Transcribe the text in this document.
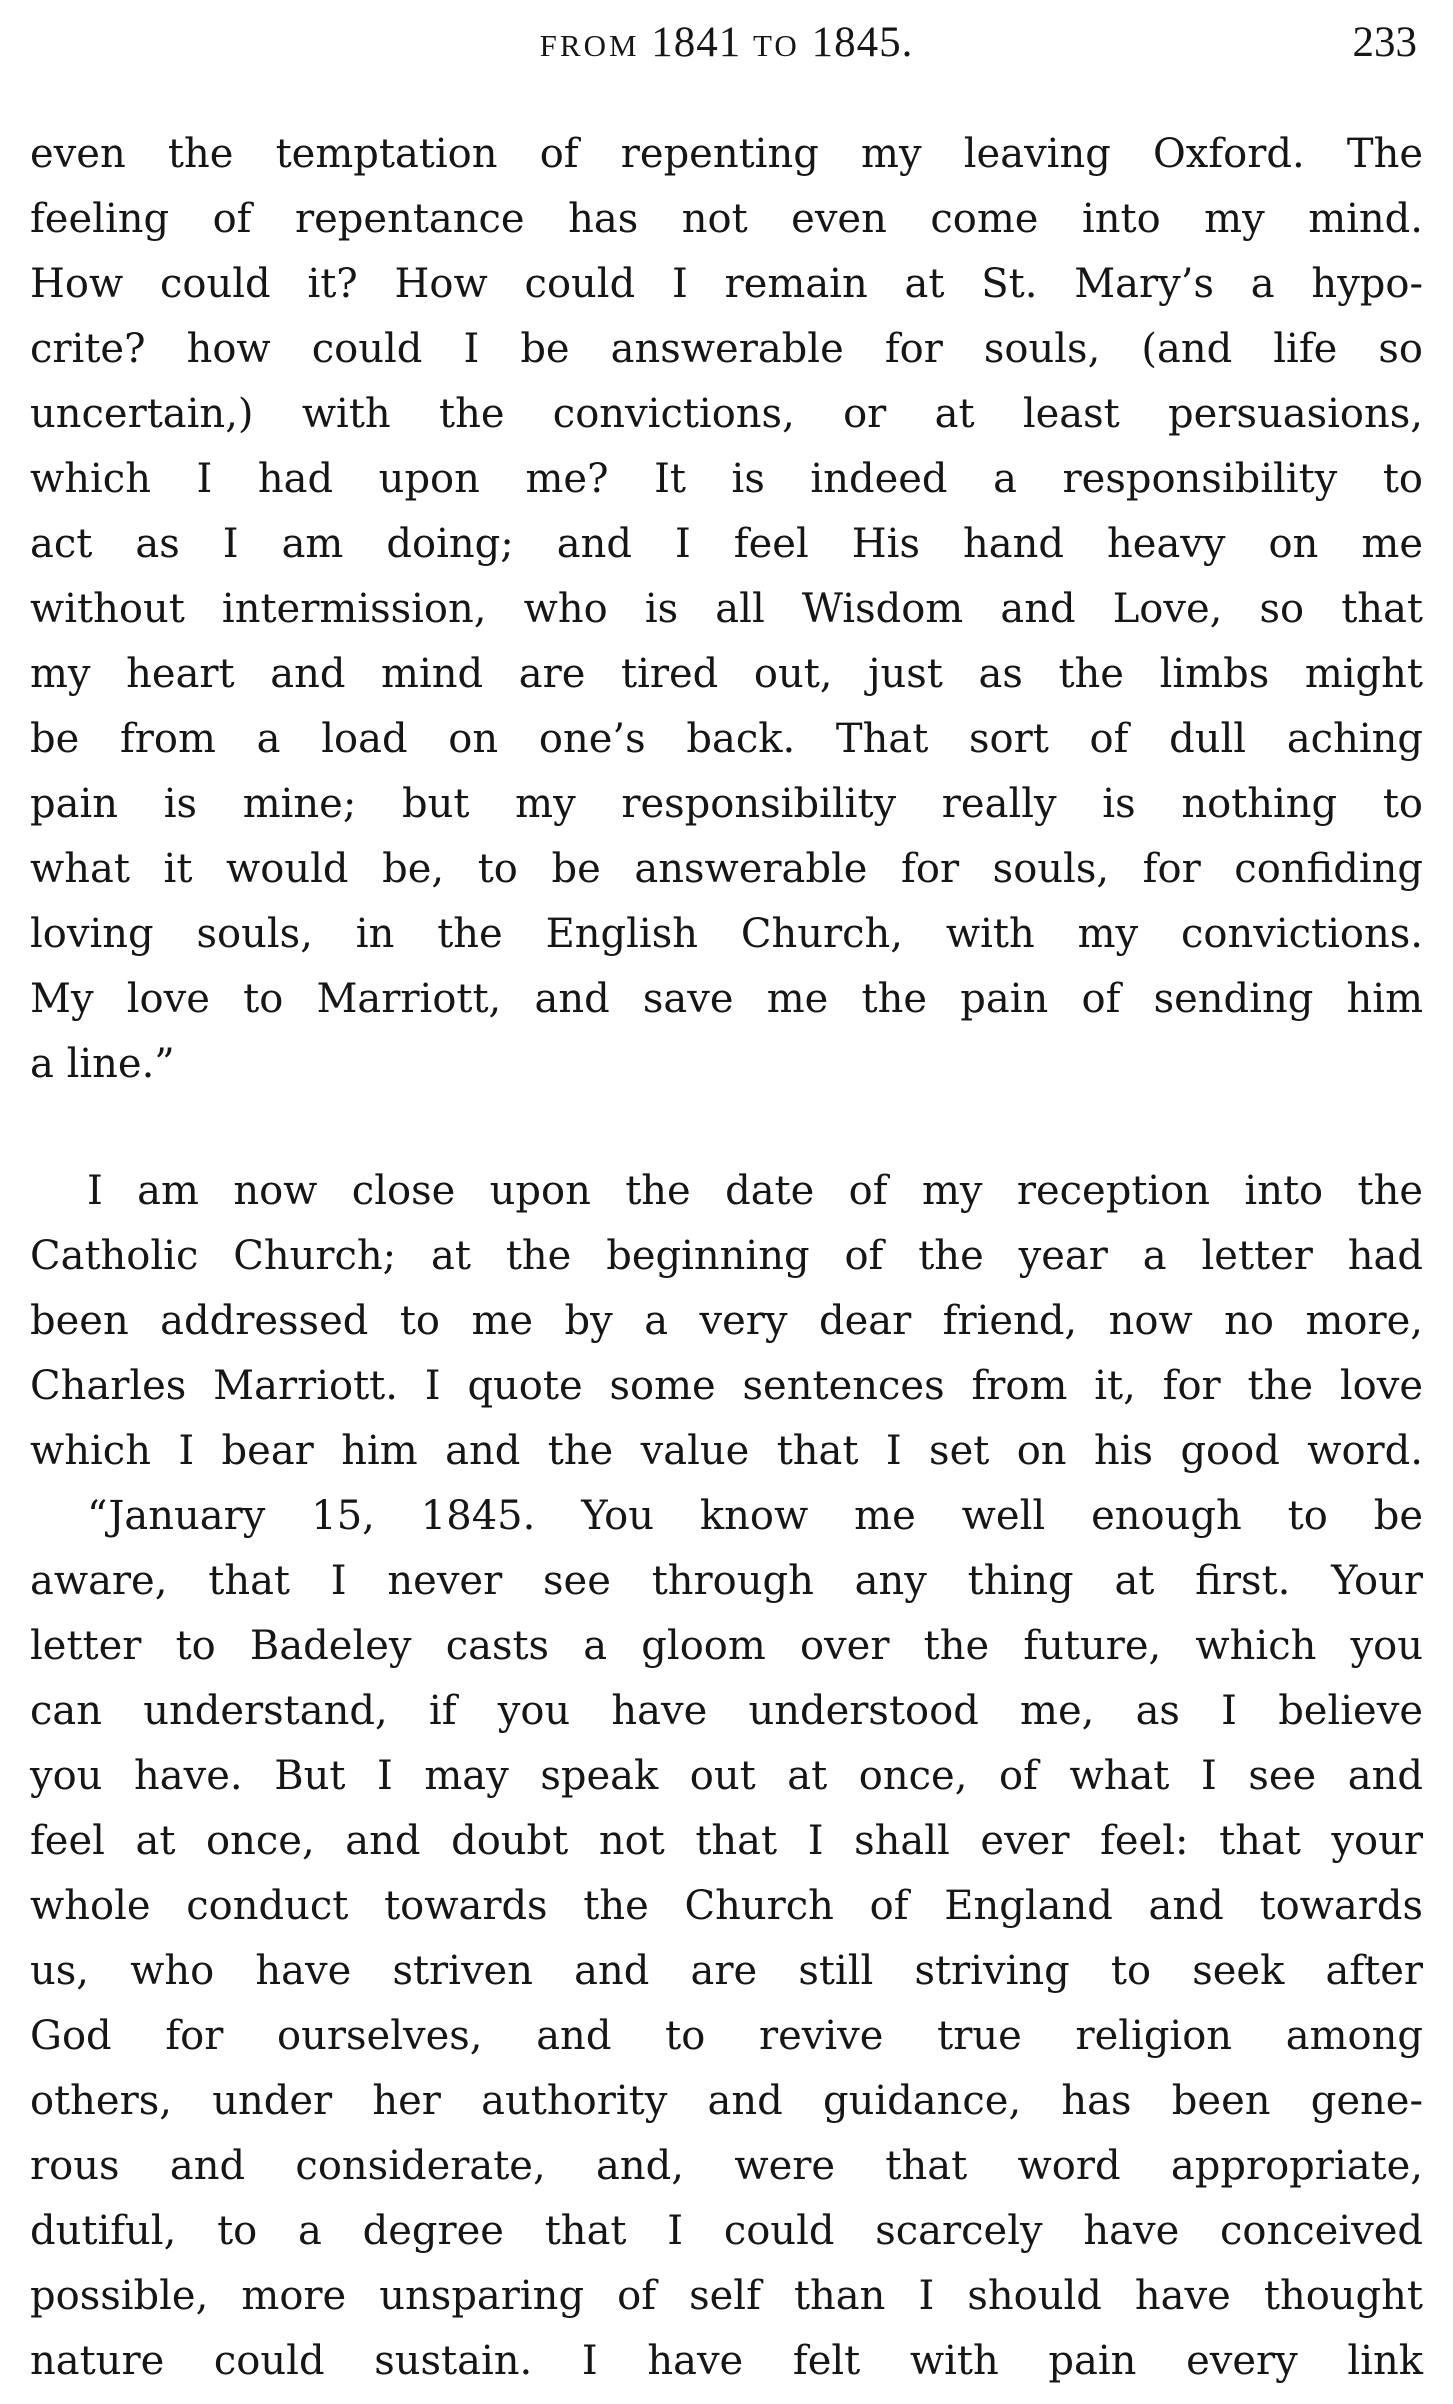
FROM 1841 TO 1845.	233
even the temptation of repenting my leaving Oxford. The
feeling of repentance has not even come into my mind.
How could it? How could I remain at St. Mary’s a hypo-
crite? how could I be answerable for souls, (and life so
uncertain,) with the convictions, or at least persuasions,
which I had upon me? It is indeed a responsibility to
act as I am doing; and I feel His hand heavy on me
without intermission, who is all Wisdom and Love, so that
my heart and mind are tired out, just as the limbs might
be from a load on one’s back. That sort of dull aching
pain is mine; but my responsibility really is nothing to
what it would be, to be answerable for souls, for confiding
loving souls, in the English Church, with my convictions.
My love to Marriott, and save me the pain of sending him
a line.”
I am now close upon the date of my reception into the
Catholic Church; at the beginning of the year a letter had
been addressed to me by a very dear friend, now no more,
Charles Marriott. I quote some sentences from it, for the love
which I bear him and the value that I set on his good word.
“January 15, 1845. You know me well enough to be
aware, that I never see through any thing at first. Your
letter to Badeley casts a gloom over the future, which you
can understand, if you have understood me, as I believe
you have. But I may speak out at once, of what I see and
feel at once, and doubt not that I shall ever feel: that your
whole conduct towards the Church of England and towards
us, who have striven and are still striving to seek after
God for ourselves, and to revive true religion among
others, under her authority and guidance, has been gene-
rous and considerate, and, were that word appropriate,
dutiful, to a degree that I could scarcely have conceived
possible, more unsparing of self than I should have thought
nature could sustain. I have felt with pain every link
